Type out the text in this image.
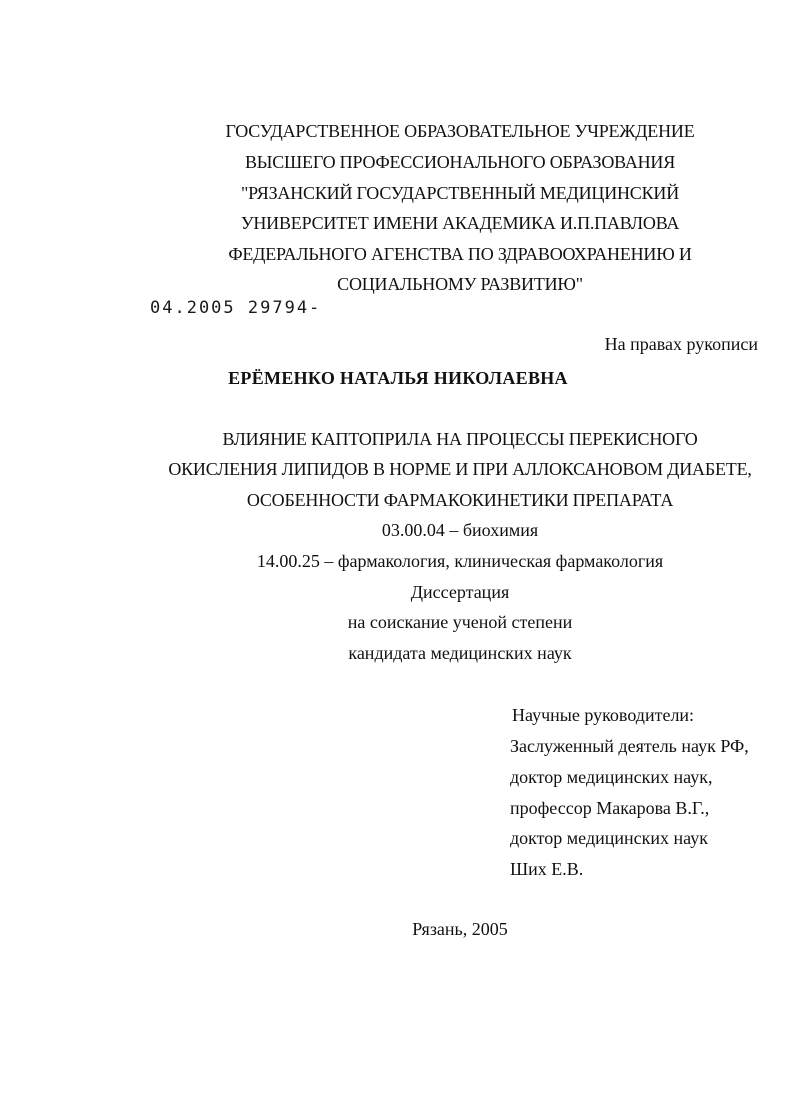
ГОСУДАРСТВЕННОЕ ОБРАЗОВАТЕЛЬНОЕ УЧРЕЖДЕНИЕ
ВЫСШЕГО ПРОФЕССИОНАЛЬНОГО ОБРАЗОВАНИЯ
"РЯЗАНСКИЙ ГОСУДАРСТВЕННЫЙ МЕДИЦИНСКИЙ
УНИВЕРСИТЕТ ИМЕНИ АКАДЕМИКА И.П.ПАВЛОВА
ФЕДЕРАЛЬНОГО АГЕНСТВА ПО ЗДРАВООХРАНЕНИЮ И
СОЦИАЛЬНОМУ РАЗВИТИЮ"
04.2005 29794-
На правах рукописи
ЕРЁМЕНКО НАТАЛЬЯ НИКОЛАЕВНА
ВЛИЯНИЕ КАПТОПРИЛА НА ПРОЦЕССЫ ПЕРЕКИСНОГО
ОКИСЛЕНИЯ ЛИПИДОВ В НОРМЕ И ПРИ АЛЛОКСАНОВОМ ДИАБЕТЕ,
ОСОБЕННОСТИ ФАРМАКОКИНЕТИКИ ПРЕПАРАТА
03.00.04 – биохимия
14.00.25 – фармакология, клиническая фармакология
Диссертация
на соискание ученой степени
кандидата медицинских наук
Научные руководители:
Заслуженный деятель наук РФ,
доктор медицинских наук,
профессор Макарова В.Г.,
доктор медицинских наук
Ших Е.В.
Рязань, 2005
